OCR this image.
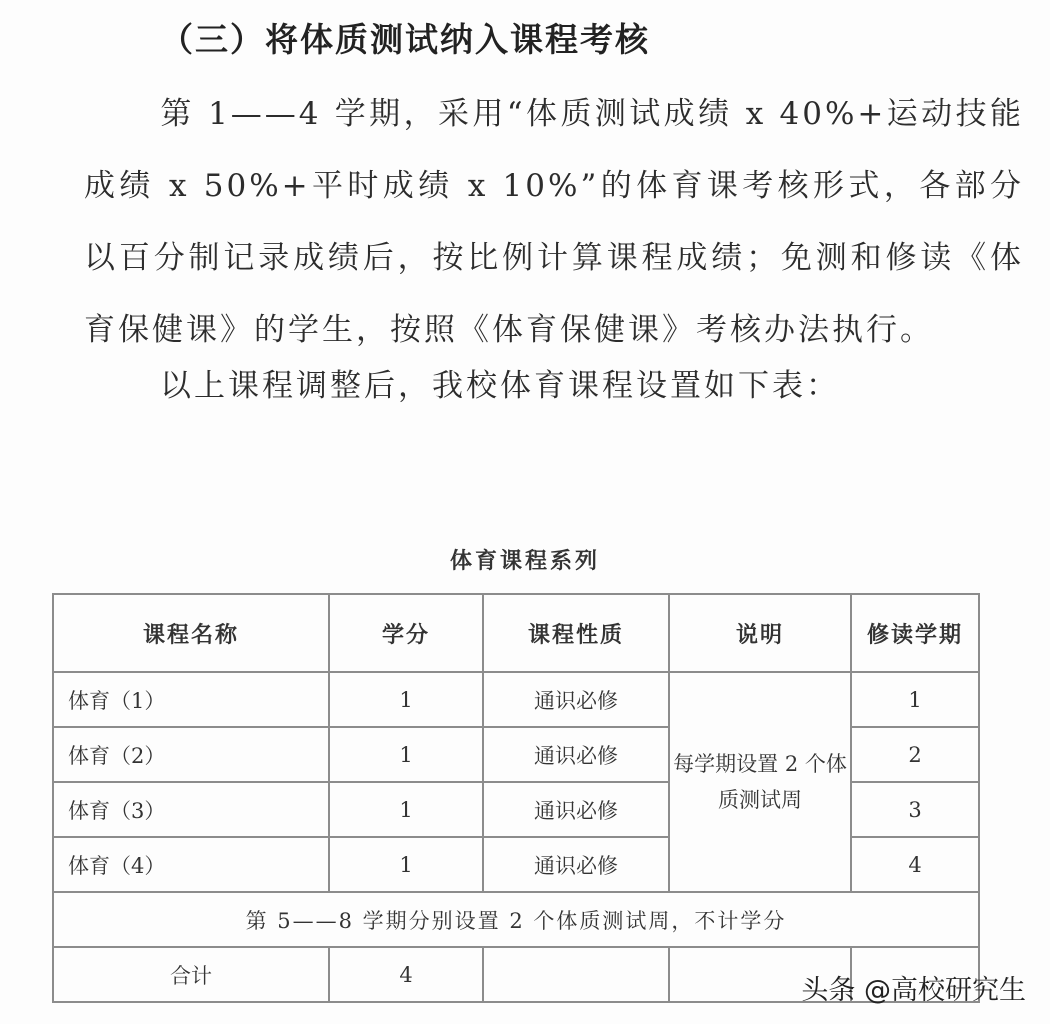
（三）将体质测试纳入课程考核
第 1——4 学期，采用“体质测试成绩 x 40%+运动技能成绩 x 50%+平时成绩 x 10%”的体育课考核形式，各部分以百分制记录成绩后，按比例计算课程成绩；免测和修读《体育保健课》的学生，按照《体育保健课》考核办法执行。
以上课程调整后，我校体育课程设置如下表：
体育课程系列
课程名称	学分	课程性质	说明	修读学期
体育（1）	1	通识必修	每学期设置 2 个体质测试周	1
体育（2）	1	通识必修		2
体育（3）	1	通识必修		3
体育（4）	1	通识必修		4
第 5——8 学期分别设置 2 个体质测试周，不计学分				
合计	4			
头条 @高校研究生
